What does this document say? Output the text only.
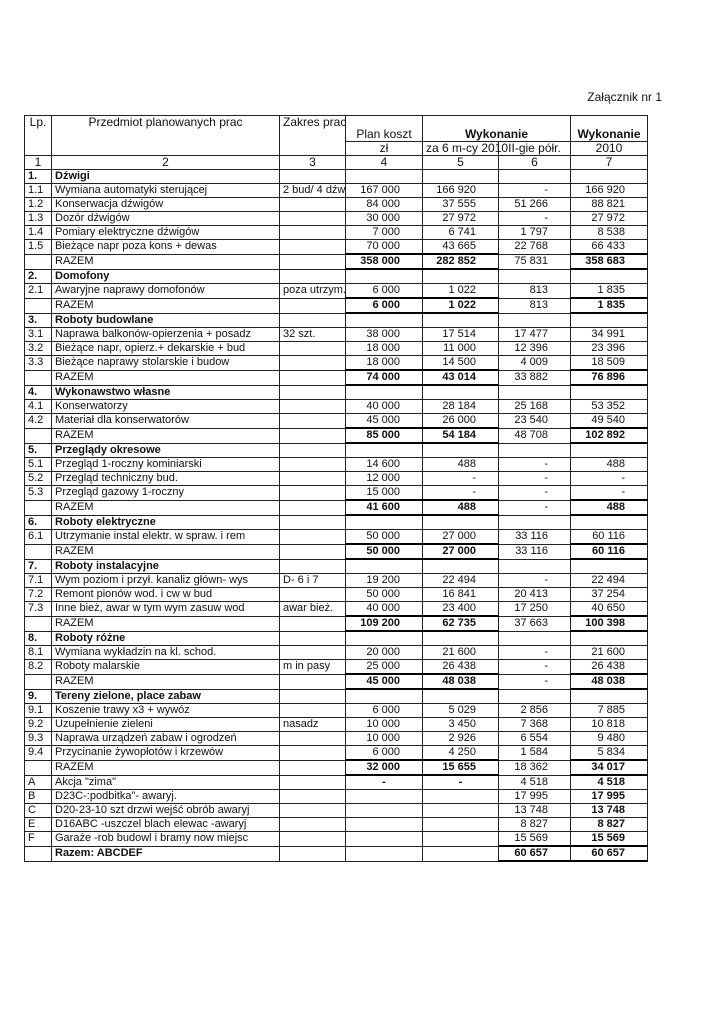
Załącznik nr 1
Lp.	Przedmiot planowanych prac	Zakres prac	Plan koszt	Wykonanie		Wykonanie
			zł	za 6 m-cy 2010	II-gie półr.	2010
1	2	3	4	5	6	7
1.	Dźwigi					
1.1	Wymiana automatyki sterującej	2 bud/ 4 dźw	167 000	166 920	-	166 920
1.2	Konserwacja dźwigów		84 000	37 555	51 266	88 821
1.3	Dozór dźwigów		30 000	27 972	-	27 972
1.4	Pomiary elektryczne dźwigów		7 000	6 741	1 797	8 538
1.5	Bieżące napr poza kons + dewas		70 000	43 665	22 768	66 433
	RAZEM		358 000	282 852	75 831	358 683
2.	Domofony					
2.1	Awaryjne naprawy domofonów	poza utrzym.	6 000	1 022	813	1 835
	RAZEM		6 000	1 022	813	1 835
3.	Roboty budowlane					
3.1	Naprawa balkonów-opierzenia + posadz	32 szt.	38 000	17 514	17 477	34 991
3.2	Bieżące napr, opierz.+ dekarskie + bud		18 000	11 000	12 396	23 396
3.3	Bieżące naprawy stolarskie i budow		18 000	14 500	4 009	18 509
	RAZEM		74 000	43 014	33 882	76 896
4.	Wykonawstwo własne					
4.1	Konserwatorzy		40 000	28 184	25 168	53 352
4.2	Materiał dla konserwatorów		45 000	26 000	23 540	49 540
	RAZEM		85 000	54 184	48 708	102 892
5.	Przeglądy okresowe					
5.1	Przegląd 1-roczny kominiarski		14 600	488	-	488
5.2	Przegląd techniczny bud.		12 000	-	-	-
5.3	Przegląd gazowy 1-roczny		15 000	-	-	-
	RAZEM		41 600	488	-	488
6.	Roboty elektryczne					
6.1	Utrzymanie instal elektr. w spraw. i rem		50 000	27 000	33 116	60 116
	RAZEM		50 000	27 000	33 116	60 116
7.	Roboty instalacyjne					
7.1	Wym poziom i przył. kanaliz główn- wys	D- 6 i 7	19 200	22 494	-	22 494
7.2	Remont pionów wod. i cw w bud		50 000	16 841	20 413	37 254
7.3	Inne bież, awar w tym wym zasuw wod	awar bież.	40 000	23 400	17 250	40 650
	RAZEM		109 200	62 735	37 663	100 398
8.	Roboty różne					
8.1	Wymiana wykładzin na kl. schod.		20 000	21 600	-	21 600
8.2	Roboty malarskie	m in pasy	25 000	26 438	-	26 438
	RAZEM		45 000	48 038	-	48 038
9.	Tereny zielone, place zabaw					
9.1	Koszenie trawy x3 + wywóz		6 000	5 029	2 856	7 885
9.2	Uzupełnienie zieleni	nasadz	10 000	3 450	7 368	10 818
9.3	Naprawa urządzeń zabaw i ogrodzeń		10 000	2 926	6 554	9 480
9.4	Przycinanie żywopłotów i krzewów		6 000	4 250	1 584	5 834
	RAZEM		32 000	15 655	18 362	34 017
A	Akcja "zima"		-	-	4 518	4 518
B	D23C-:podbitka"- awaryj.				17 995	17 995
C	D20-23-10 szt drzwi wejść obrób awaryj				13 748	13 748
E	D16ABC -uszczel blach elewac -awaryj				8 827	8 827
F	Garaże -rob budowl i bramy now miejsc				15 569	15 569
	Razem: ABCDEF				60 657	60 657
